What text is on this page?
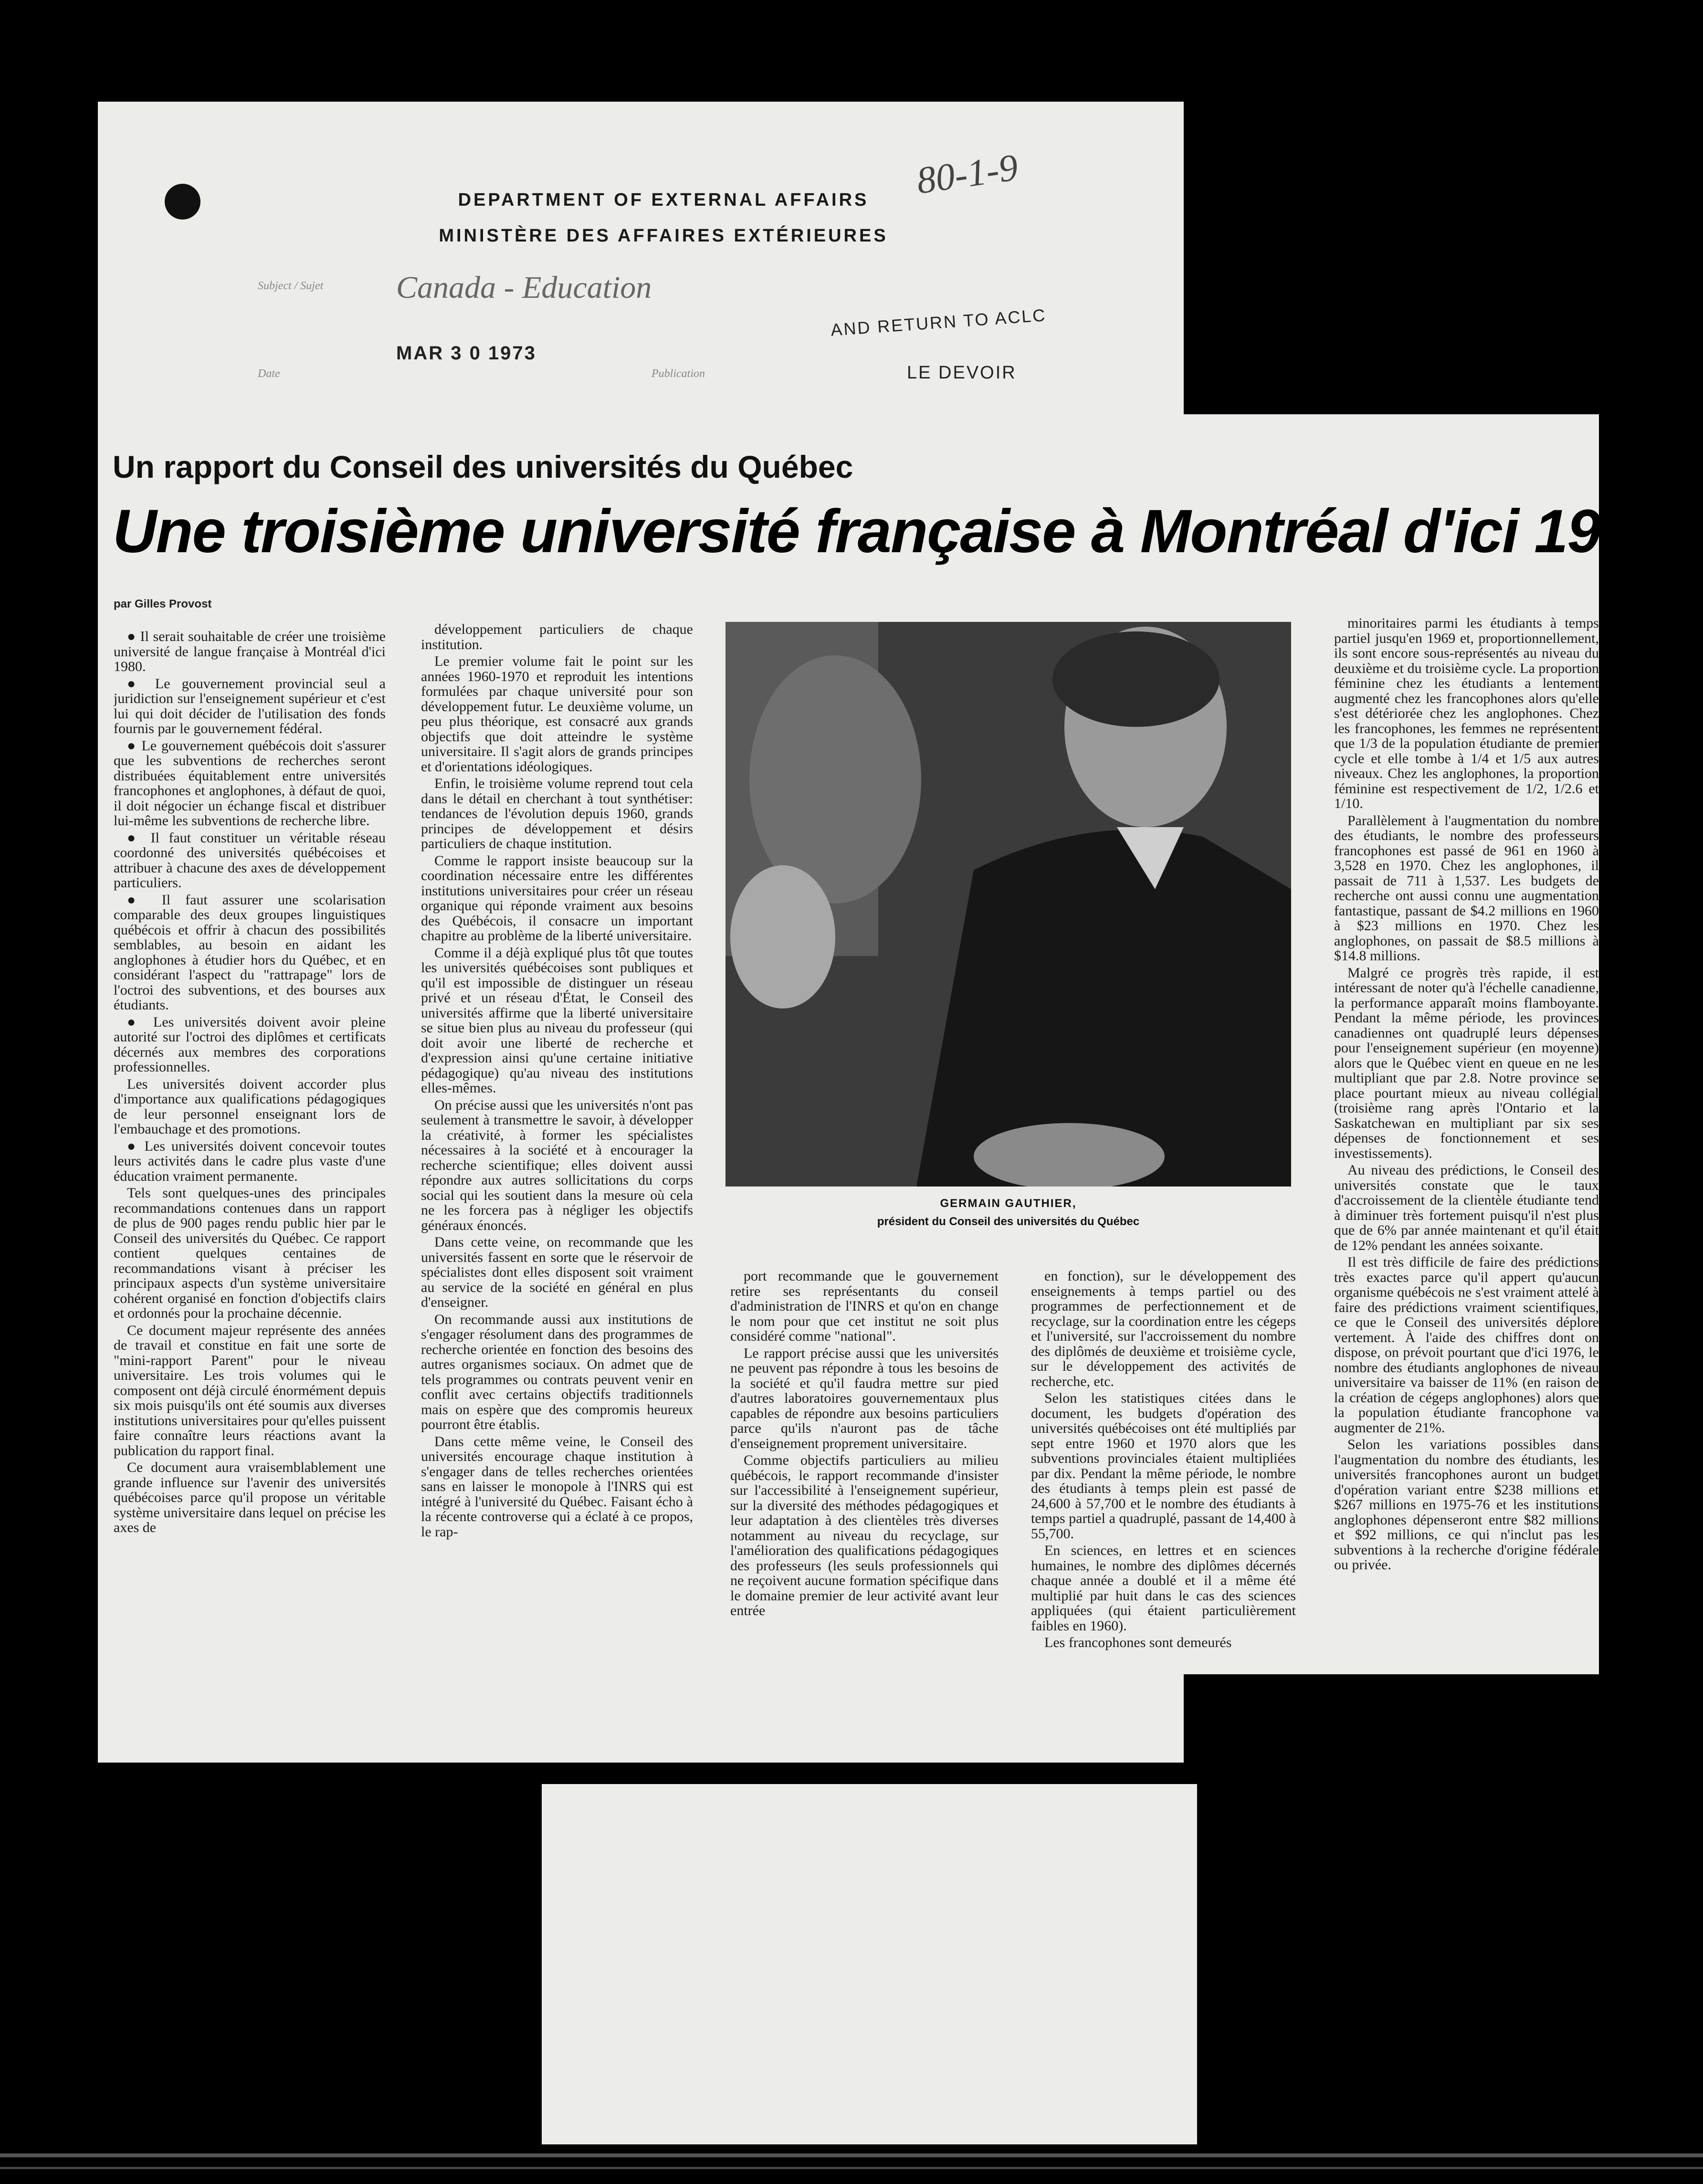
DEPARTMENT OF EXTERNAL AFFAIRS
MINISTÈRE DES AFFAIRES EXTÉRIEURES
Subject / Sujet Canada - Education
80-1-9
Date
MAR 3 0 1973
Publication	LE DEVOIR
AND RETURN TO ACLC
Un rapport du Conseil des universités du Québec
Une troisième université française à Montréal d'ici 1980
par Gilles Provost

● Il serait souhaitable de créer une troisième université de langue française à Montréal d'ici 1980.

● Le gouvernement provincial seul a juridiction sur l'enseignement supérieur et c'est lui qui doit décider de l'utilisation des fonds fournis par le gouvernement fédéral.

● Le gouvernement québécois doit s'assurer que les subventions de recherches seront distribuées équitablement entre universités francophones et anglophones, à défaut de quoi, il doit négocier un échange fiscal et distribuer lui-même les subventions de recherche libre.

● Il faut constituer un véritable réseau coordonné des universités québécoises et attribuer à chacune des axes de développement particuliers.

● Il faut assurer une scolarisation comparable des deux groupes linguistiques québécois et offrir à chacun des possibilités semblables, au besoin en aidant les anglophones à étudier hors du Québec, et en considérant l'aspect du "rattrapage" lors de l'octroi des subventions, et des bourses aux étudiants.

● Les universités doivent avoir pleine autorité sur l'octroi des diplômes et certificats décernés aux membres des corporations professionnelles.

Les universités doivent accorder plus d'importance aux qualifications pédagogiques de leur personnel enseignant lors de l'embauchage et des promotions.

● Les universités doivent concevoir toutes leurs activités dans le cadre plus vaste d'une éducation vraiment permanente.

Tels sont quelques-unes des principales recommandations contenues dans un rapport de plus de 900 pages rendu public hier par le Conseil des universités du Québec. Ce rapport contient quelques centaines de recommandations visant à préciser les principaux aspects d'un système universitaire cohérent organisé en fonction d'objectifs clairs et ordonnés pour la prochaine décennie.

Ce document majeur représente des années de travail et constitue en fait une sorte de "mini-rapport Parent" pour le niveau universitaire. Les trois volumes qui le composent ont déjà circulé énormément depuis six mois puisqu'ils ont été soumis aux diverses institutions universitaires pour qu'elles puissent faire connaître leurs réactions avant la publication du rapport final.

Ce document aura vraisemblablement une grande influence sur l'avenir des universités québécoises parce qu'il propose un véritable système universitaire dans lequel on précise les axes de

développement particuliers de chaque institution.

Le premier volume fait le point sur les années 1960-1970 et reproduit les intentions formulées par chaque université pour son développement futur. Le deuxième volume, un peu plus théorique, est consacré aux grands objectifs que doit atteindre le système universitaire. Il s'agit alors de grands principes et d'orientations idéologiques.

Enfin, le troisième volume reprend tout cela dans le détail en cherchant à tout synthétiser: tendances de l'évolution depuis 1960, grands principes de développement et désirs particuliers de chaque institution.

Comme le rapport insiste beaucoup sur la coordination nécessaire entre les différentes institutions universitaires pour créer un réseau organique qui réponde vraiment aux besoins des Québécois, il consacre un important chapitre au problème de la liberté universitaire.

Comme il a déjà expliqué plus tôt que toutes les universités québécoises sont publiques et qu'il est impossible de distinguer un réseau privé et un réseau d'État, le Conseil des universités affirme que la liberté universitaire se situe bien plus au niveau du professeur (qui doit avoir une liberté de recherche et d'expression ainsi qu'une certaine initiative pédagogique) qu'au niveau des institutions elles-mêmes.

On précise aussi que les universités n'ont pas seulement à transmettre le savoir, à développer la créativité, à former les spécialistes nécessaires à la société et à encourager la recherche scientifique; elles doivent aussi répondre aux autres sollicitations du corps social qui les soutient dans la mesure où cela ne les forcera pas à négliger les objectifs généraux énoncés.

Dans cette veine, on recommande que les universités fassent en sorte que le réservoir de spécialistes dont elles disposent soit vraiment au service de la société en général en plus d'enseigner.

On recommande aussi aux institutions de s'engager résolument dans des programmes de recherche orientée en fonction des besoins des autres organismes sociaux. On admet que de tels programmes ou contrats peuvent venir en conflit avec certains objectifs traditionnels mais on espère que des compromis heureux pourront être établis.

Dans cette même veine, le Conseil des universités encourage chaque institution à s'engager dans de telles recherches orientées sans en laisser le monopole à l'INRS qui est intégré à l'université du Québec. Faisant écho à la récente controverse qui a éclaté à ce propos, le rap-

GERMAIN GAUTHIER,
président du Conseil des universités du Québec

port recommande que le gouvernement retire ses représentants du conseil d'administration de l'INRS et qu'on en change le nom pour que cet institut ne soit plus considéré comme "national".

Le rapport précise aussi que les universités ne peuvent pas répondre à tous les besoins de la société et qu'il faudra mettre sur pied d'autres laboratoires gouvernementaux plus capables de répondre aux besoins particuliers parce qu'ils n'auront pas de tâche d'enseignement proprement universitaire.

Comme objectifs particuliers au milieu québécois, le rapport recommande d'insister sur l'accessibilité à l'enseignement supérieur, sur la diversité des méthodes pédagogiques et leur adaptation à des clientèles très diverses notamment au niveau du recyclage, sur l'amélioration des qualifications pédagogiques des professeurs (les seuls professionnels qui ne reçoivent aucune formation spécifique dans le domaine premier de leur activité avant leur entrée

en fonction), sur le développement des enseignements à temps partiel ou des programmes de perfectionnement et de recyclage, sur la coordination entre les cégeps et l'université, sur l'accroissement du nombre des diplômés de deuxième et troisième cycle, sur le développement des activités de recherche, etc.

Selon les statistiques citées dans le document, les budgets d'opération des universités québécoises ont été multipliés par sept entre 1960 et 1970 alors que les subventions provinciales étaient multipliées par dix. Pendant la même période, le nombre des étudiants à temps plein est passé de 24,600 à 57,700 et le nombre des étudiants à temps partiel a quadruplé, passant de 14,400 à 55,700.

En sciences, en lettres et en sciences humaines, le nombre des diplômes décernés chaque année a doublé et il a même été multiplié par huit dans le cas des sciences appliquées (qui étaient particulièrement faibles en 1960).

Les francophones sont demeurés

minoritaires parmi les étudiants à temps partiel jusqu'en 1969 et, proportionnellement, ils sont encore sous-représentés au niveau du deuxième et du troisième cycle. La proportion féminine chez les étudiants a lentement augmenté chez les francophones alors qu'elle s'est détériorée chez les anglophones. Chez les francophones, les femmes ne représentent que 1/3 de la population étudiante de premier cycle et elle tombe à 1/4 et 1/5 aux autres niveaux. Chez les anglophones, la proportion féminine est respectivement de 1/2, 1/2.6 et 1/10.

Parallèlement à l'augmentation du nombre des étudiants, le nombre des professeurs francophones est passé de 961 en 1960 à 3,528 en 1970. Chez les anglophones, il passait de 711 à 1,537. Les budgets de recherche ont aussi connu une augmentation fantastique, passant de $4.2 millions en 1960 à $23 millions en 1970. Chez les anglophones, on passait de $8.5 millions à $14.8 millions.

Malgré ce progrès très rapide, il est intéressant de noter qu'à l'échelle canadienne, la performance apparaît moins flamboyante. Pendant la même période, les provinces canadiennes ont quadruplé leurs dépenses pour l'enseignement supérieur (en moyenne) alors que le Québec vient en queue en ne les multipliant que par 2.8. Notre province se place pourtant mieux au niveau collégial (troisième rang après l'Ontario et la Saskatchewan en multipliant par six ses dépenses de fonctionnement et ses investissements).

Au niveau des prédictions, le Conseil des universités constate que le taux d'accroissement de la clientèle étudiante tend à diminuer très fortement puisqu'il n'est plus que de 6% par année maintenant et qu'il était de 12% pendant les années soixante.

Il est très difficile de faire des prédictions très exactes parce qu'il appert qu'aucun organisme québécois ne s'est vraiment attelé à faire des prédictions vraiment scientifiques, ce que le Conseil des universités déplore vertement. À l'aide des chiffres dont on dispose, on prévoit pourtant que d'ici 1976, le nombre des étudiants anglophones de niveau universitaire va baisser de 11% (en raison de la création de cégeps anglophones) alors que la population étudiante francophone va augmenter de 21%.

Selon les variations possibles dans l'augmentation du nombre des étudiants, les universités francophones auront un budget d'opération variant entre $238 millions et $267 millions en 1975-76 et les institutions anglophones dépenseront entre $82 millions et $92 millions, ce qui n'inclut pas les subventions à la recherche d'origine fédérale ou privée.
